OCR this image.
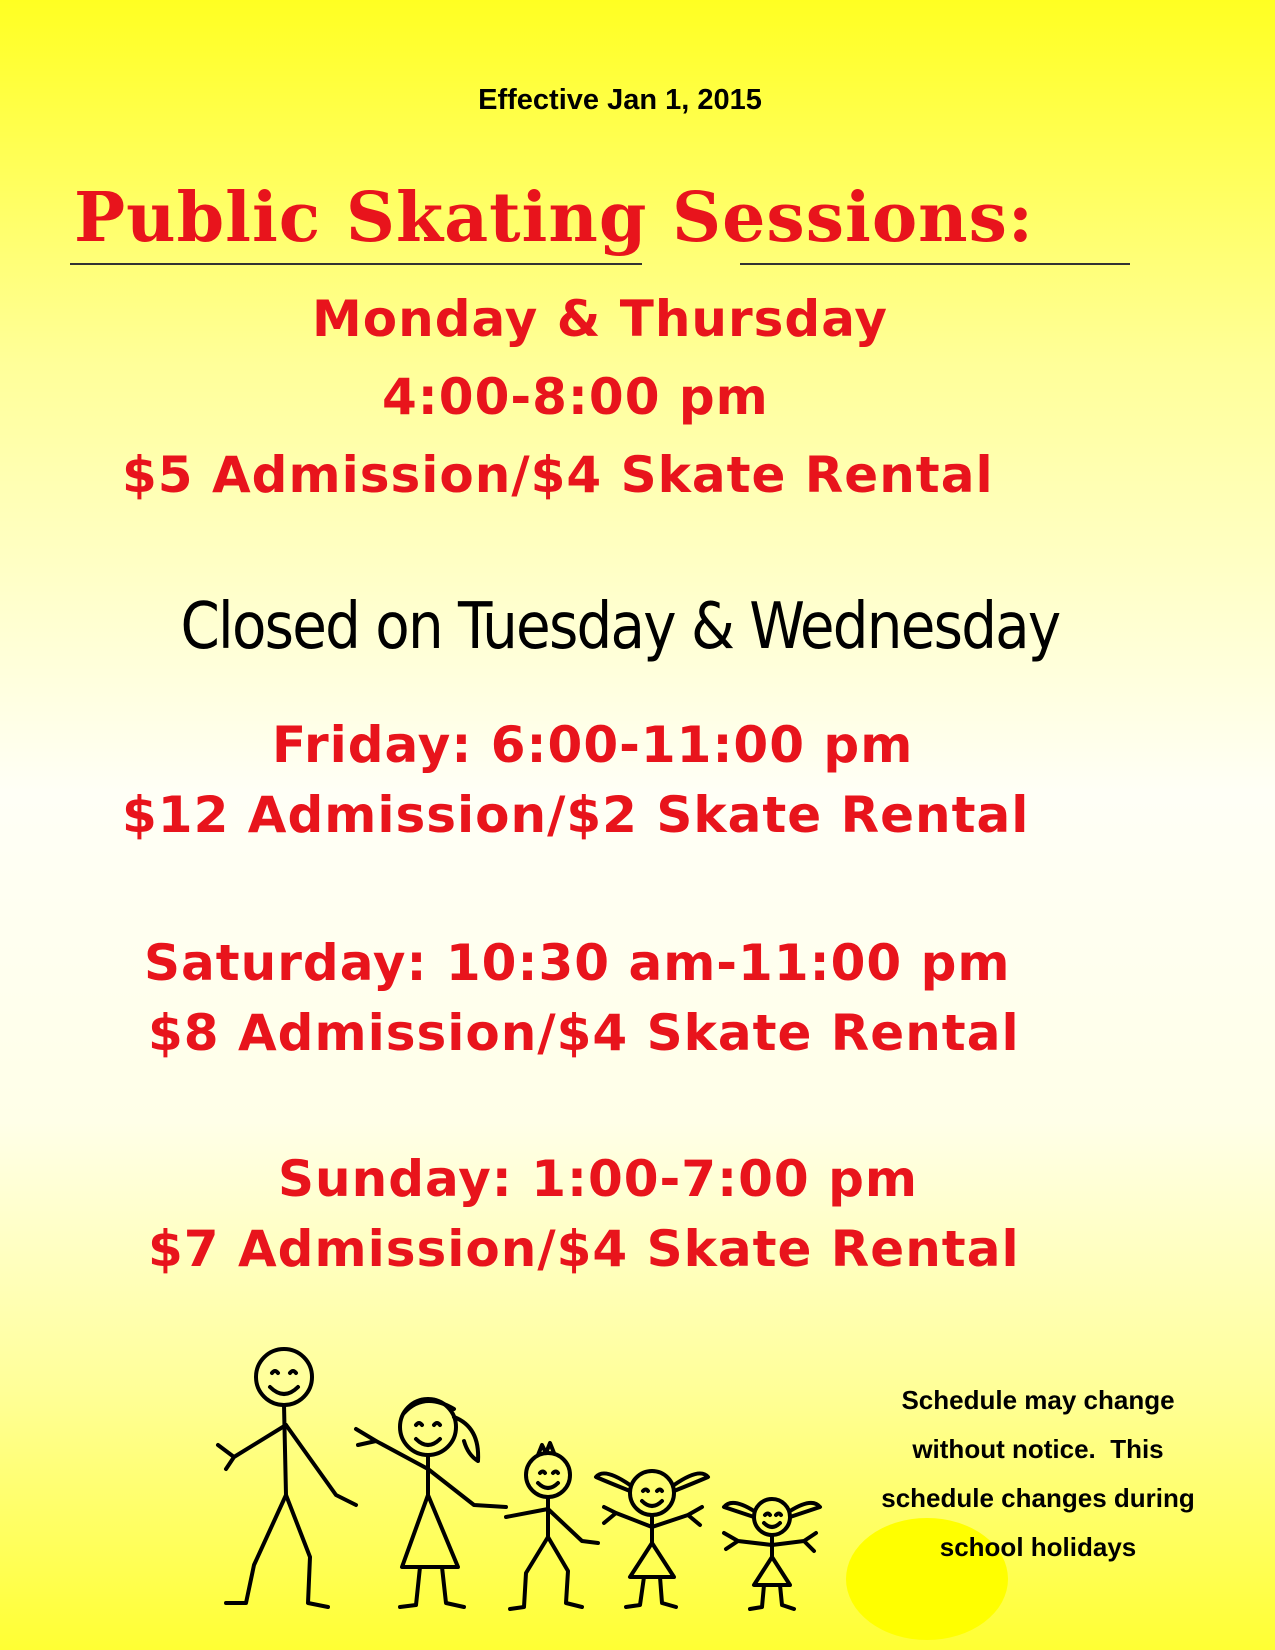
Effective Jan 1, 2015
Public Skating Sessions:
Monday & Thursday
4:00-8:00 pm
$5 Admission/$4 Skate Rental
Closed on Tuesday & Wednesday
Friday: 6:00-11:00 pm
$12 Admission/$2 Skate Rental
Saturday: 10:30 am-11:00 pm
$8 Admission/$4 Skate Rental
Sunday: 1:00-7:00 pm
$7 Admission/$4 Skate Rental
Schedule may change
without notice.  This
schedule changes during
school holidays
